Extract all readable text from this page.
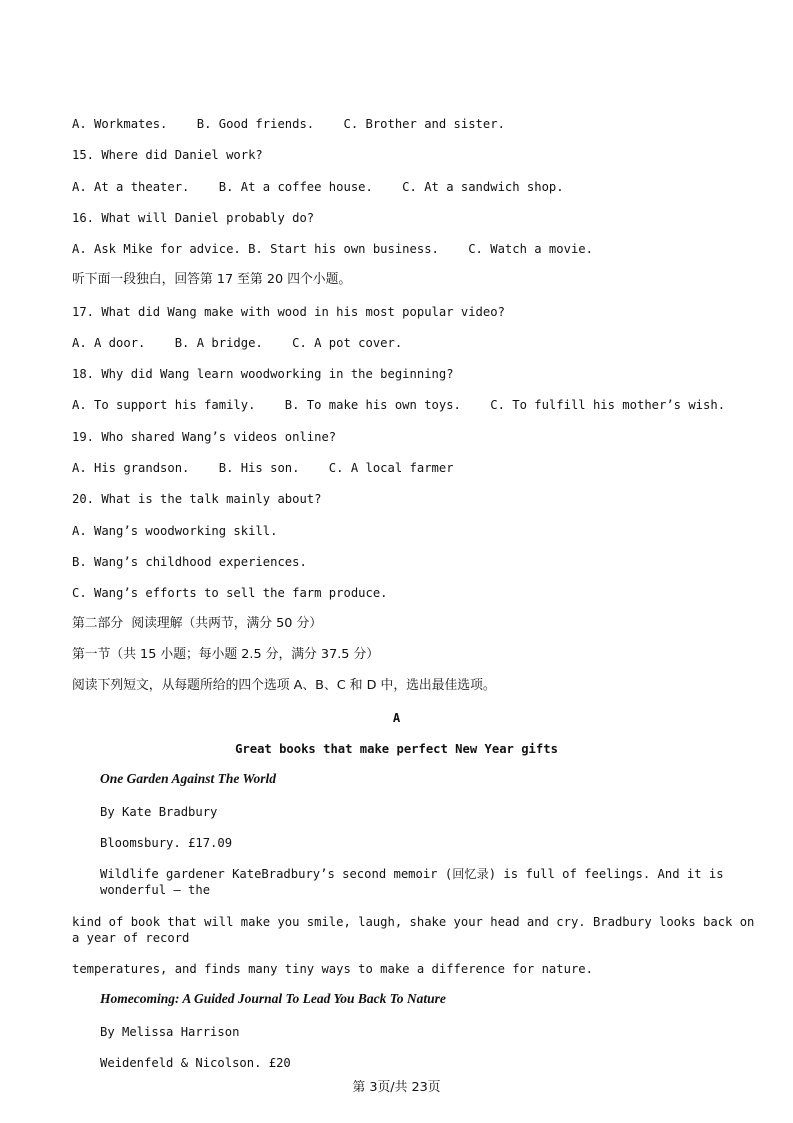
A. Workmates.    B. Good friends.    C. Brother and sister.

15. Where did Daniel work?

A. At a theater.    B. At a coffee house.    C. At a sandwich shop.

16. What will Daniel probably do?

A. Ask Mike for advice. B. Start his own business.    C. Watch a movie.

听下面一段独白，回答第 17 至第 20 四个小题。

17. What did Wang make with wood in his most popular video?

A. A door.    B. A bridge.    C. A pot cover.

18. Why did Wang learn woodworking in the beginning?

A. To support his family.    B. To make his own toys.    C. To fulfill his mother’s wish.

19. Who shared Wang’s videos online?

A. His grandson.    B. His son.    C. A local farmer

20. What is the talk mainly about?

A. Wang’s woodworking skill.

B. Wang’s childhood experiences.

C. Wang’s efforts to sell the farm produce.

第二部分  阅读理解（共两节，满分 50 分）

第一节（共 15 小题；每小题 2.5 分，满分 37.5 分）

阅读下列短文，从每题所给的四个选项 A、B、C 和 D 中，选出最佳选项。

A

Great books that make perfect New Year gifts

One Garden Against The World

By Kate Bradbury

Bloomsbury. £17.09

Wildlife gardener KateBradbury’s second memoir (回忆录) is full of feelings. And it is wonderful — the

kind of book that will make you smile, laugh, shake your head and cry. Bradbury looks back on a year of record

temperatures, and finds many tiny ways to make a difference for nature.

Homecoming: A Guided Journal To Lead You Back To Nature

By Melissa Harrison

Weidenfeld & Nicolson. £20

第 3页/共 23页
